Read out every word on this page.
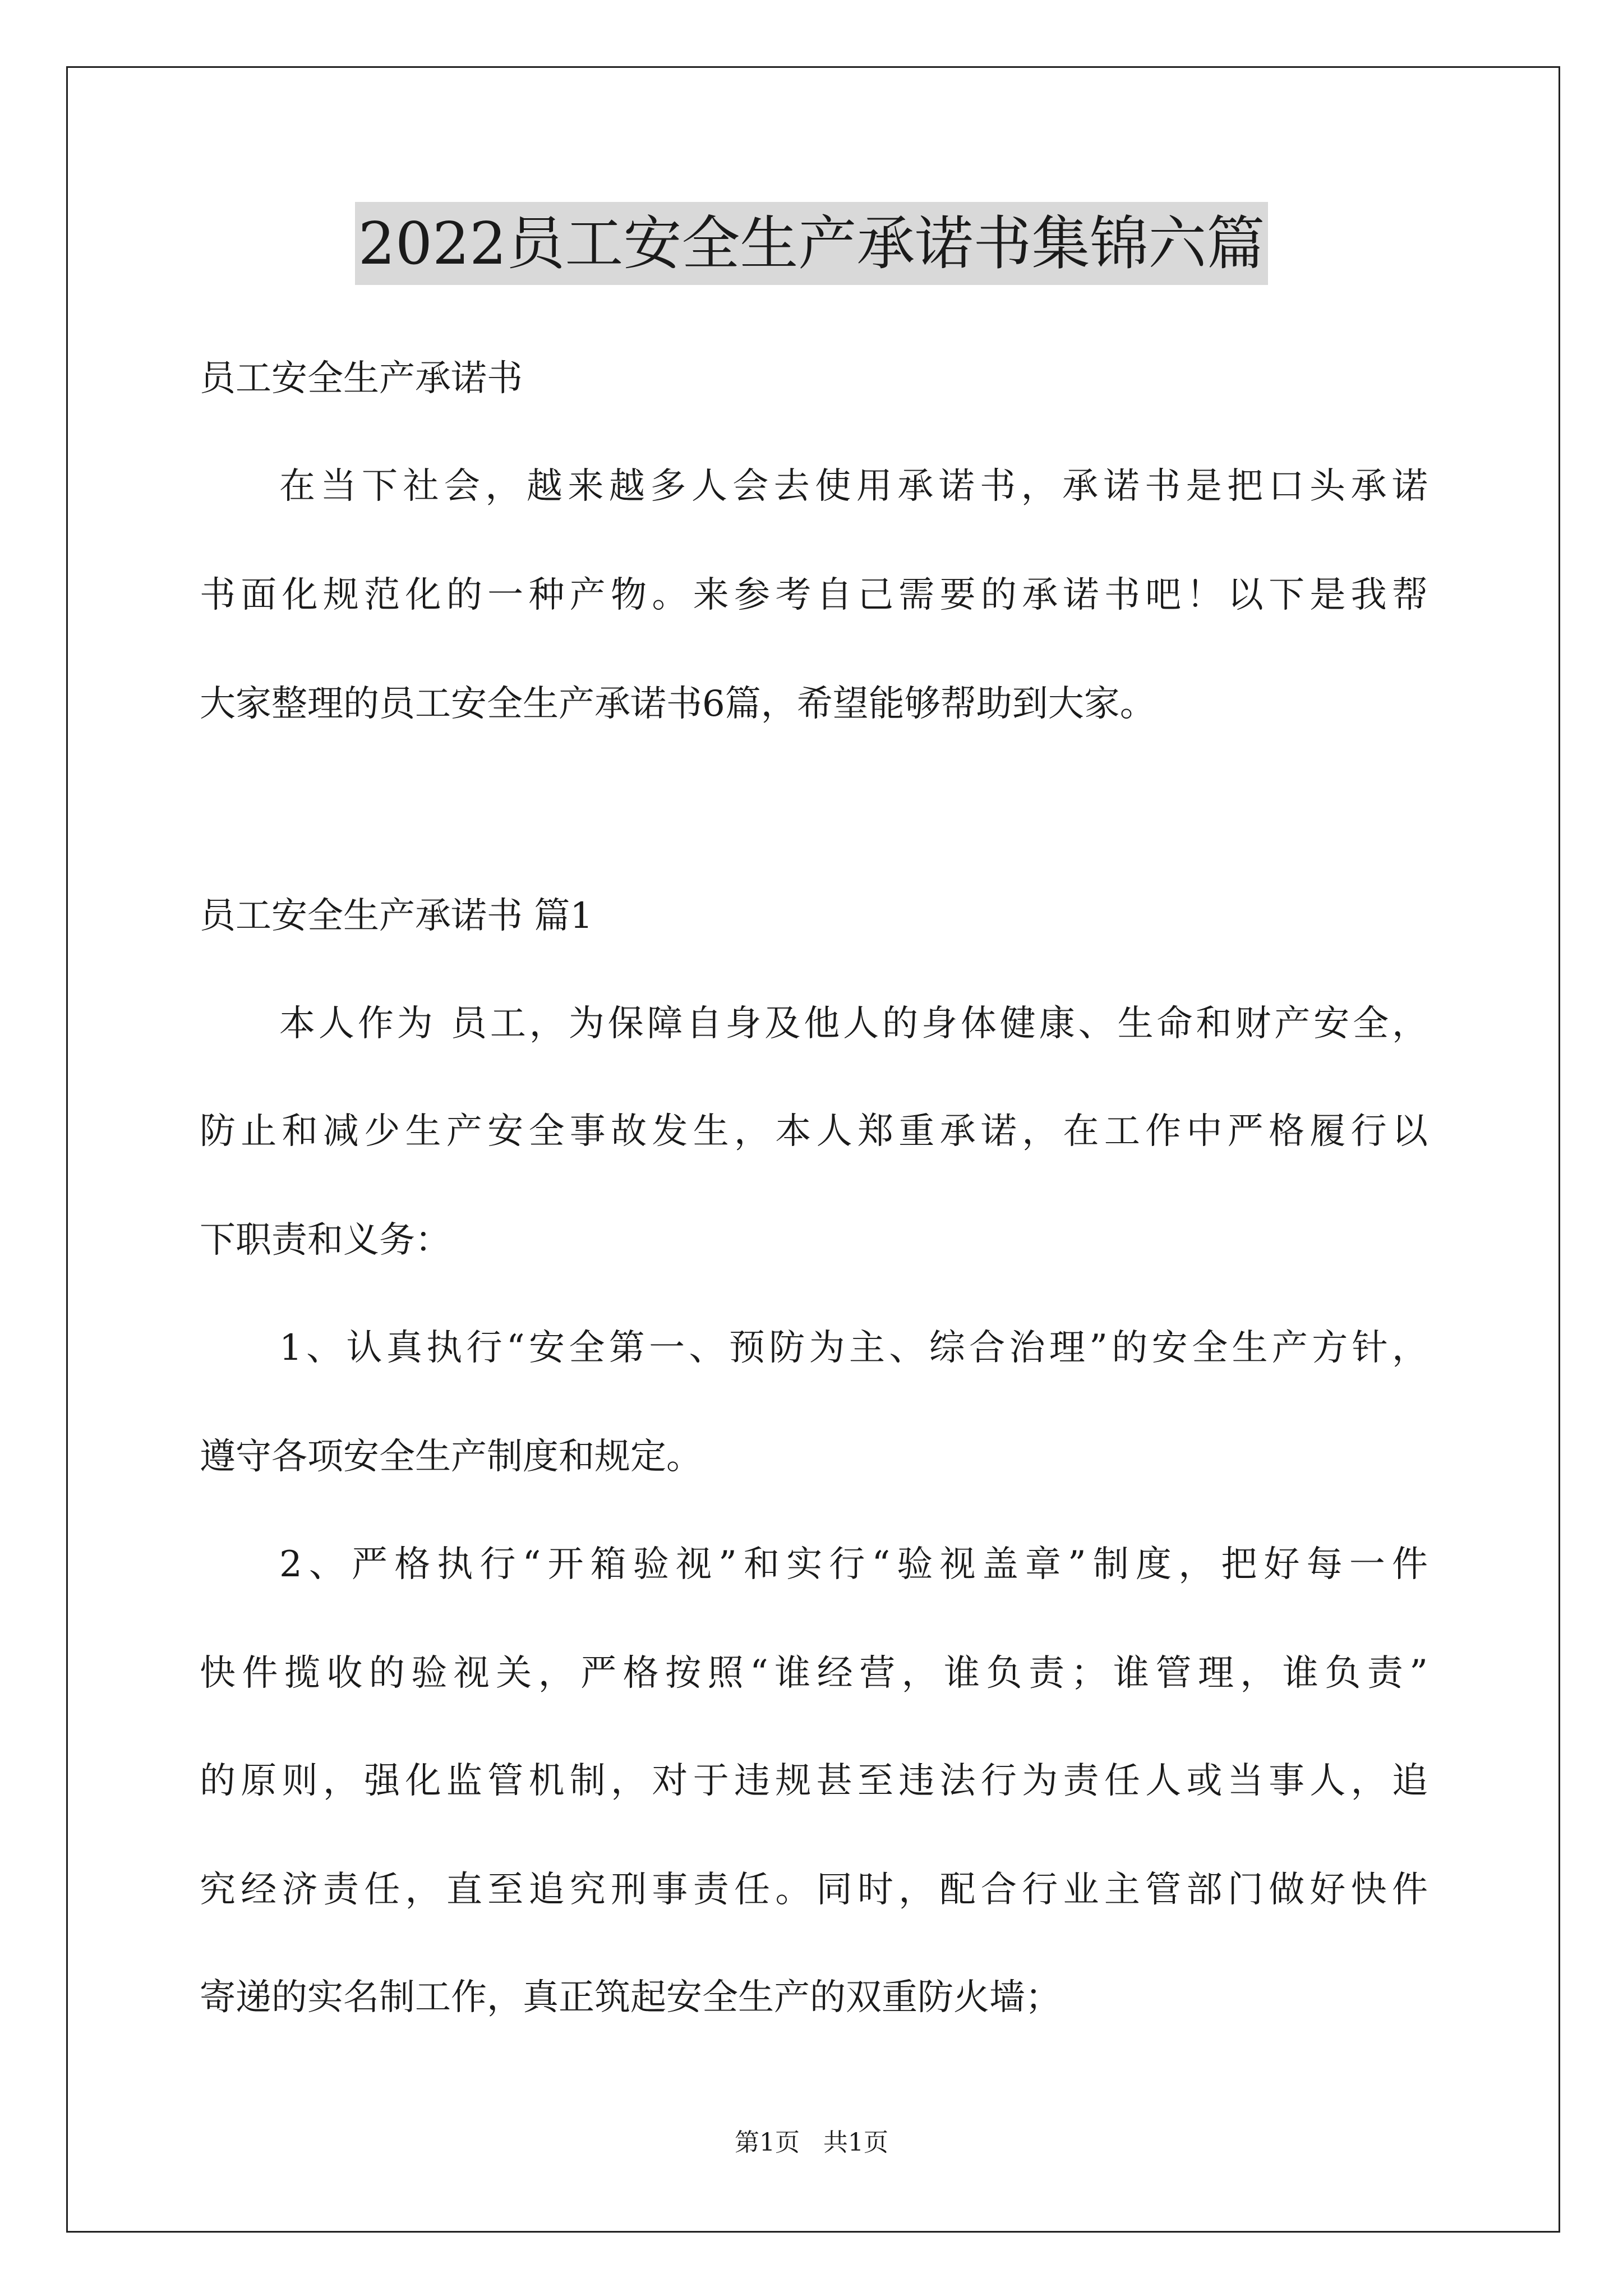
2022员工安全生产承诺书集锦六篇
员工安全生产承诺书
在当下社会，越来越多人会去使用承诺书，承诺书是把口头承诺
书面化规范化的一种产物。来参考自己需要的承诺书吧！以下是我帮
大家整理的员工安全生产承诺书6篇，希望能够帮助到大家。
员工安全生产承诺书 篇1
本人作为 员工，为保障自身及他人的身体健康、生命和财产安全，
防止和减少生产安全事故发生，本人郑重承诺，在工作中严格履行以
下职责和义务：
1、认真执行“安全第一、预防为主、综合治理”的安全生产方针，
遵守各项安全生产制度和规定。
2、严格执行“开箱验视”和实行“验视盖章”制度，把好每一件
快件揽收的验视关，严格按照“谁经营，谁负责；谁管理，谁负责”
的原则，强化监管机制，对于违规甚至违法行为责任人或当事人，追
究经济责任，直至追究刑事责任。同时，配合行业主管部门做好快件
寄递的实名制工作，真正筑起安全生产的双重防火墙；
第1页 共1页
